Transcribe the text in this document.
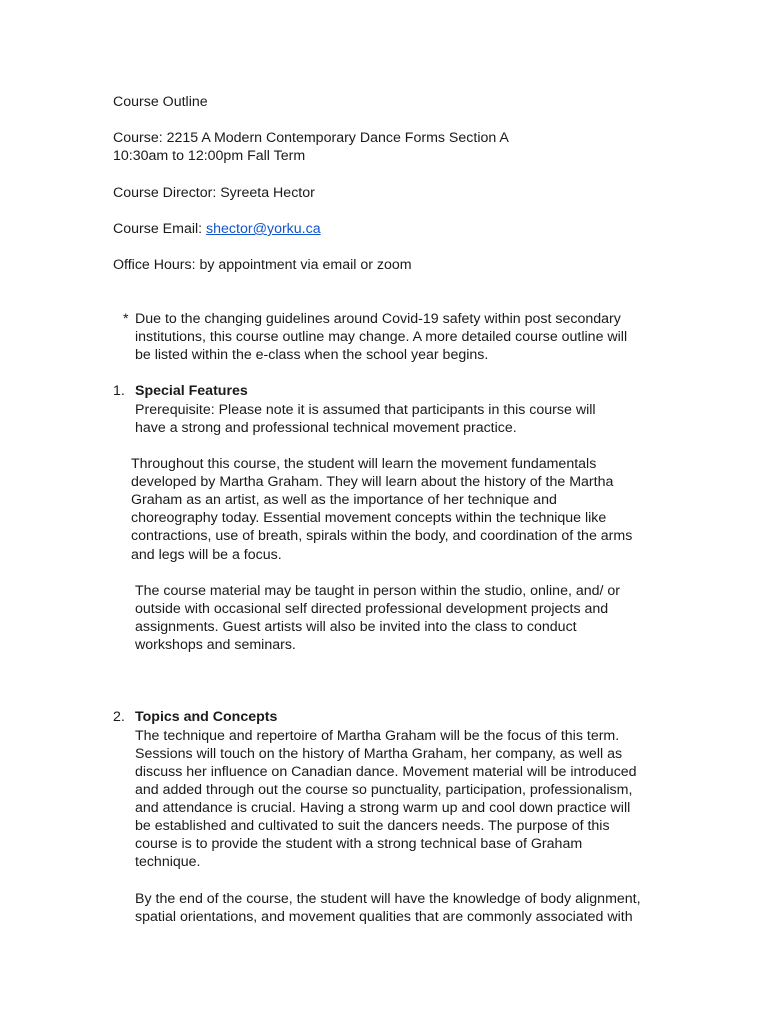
Course Outline
Course: 2215 A Modern Contemporary Dance Forms Section A
10:30am to 12:00pm Fall Term
Course Director: Syreeta Hector
Course Email: shector@yorku.ca
Office Hours: by appointment via email or zoom
* Due to the changing guidelines around Covid-19 safety within post secondary
institutions, this course outline may change. A more detailed course outline will
be listed within the e-class when the school year begins.
1. Special Features
Prerequisite: Please note it is assumed that participants in this course will
have a strong and professional technical movement practice.
Throughout this course, the student will learn the movement fundamentals
developed by Martha Graham. They will learn about the history of the Martha
Graham as an artist, as well as the importance of her technique and
choreography today. Essential movement concepts within the technique like
contractions, use of breath, spirals within the body, and coordination of the arms
and legs will be a focus.
The course material may be taught in person within the studio, online, and/ or
outside with occasional self directed professional development projects and
assignments. Guest artists will also be invited into the class to conduct
workshops and seminars.
2. Topics and Concepts
The technique and repertoire of Martha Graham will be the focus of this term.
Sessions will touch on the history of Martha Graham, her company, as well as
discuss her influence on Canadian dance. Movement material will be introduced
and added through out the course so punctuality, participation, professionalism,
and attendance is crucial. Having a strong warm up and cool down practice will
be established and cultivated to suit the dancers needs. The purpose of this
course is to provide the student with a strong technical base of Graham
technique.
By the end of the course, the student will have the knowledge of body alignment,
spatial orientations, and movement qualities that are commonly associated with
